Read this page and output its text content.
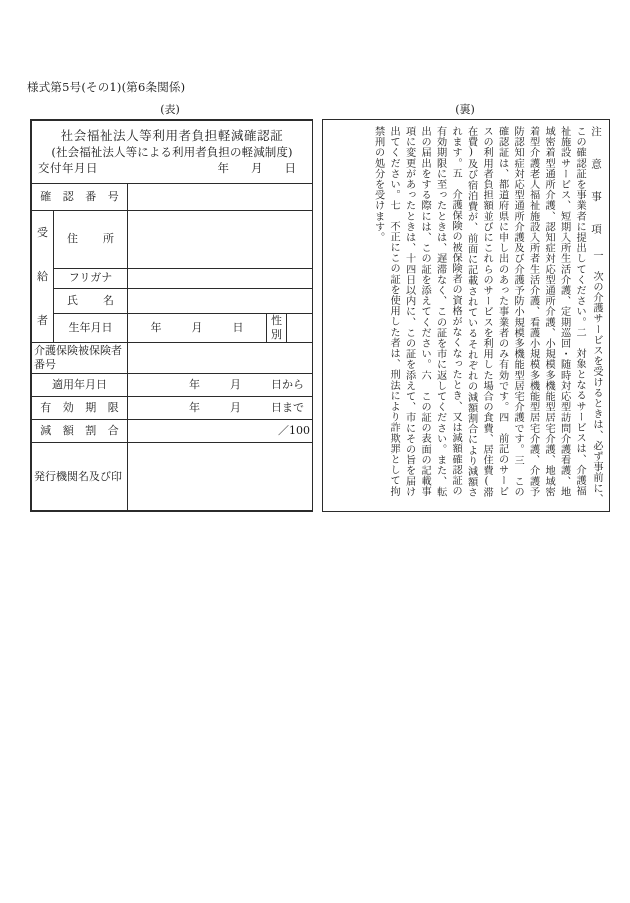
様式第5号(その1)(第6条関係)
(表)	(裏)
社会福祉法人等利用者負担軽減確認証
(社会福祉法人等による利用者負担の軽減制度)
交付年月日	年 月 日

確 認 番 号				

受
給
者	住　所			
	フリガナ			
	氏　名			
	生年月日	年 月 日	性別	
介護保険被保険者番号				
適用年月日		年 月 日から		

有 効 期 限		年 月 日まで		

減 額 割 合		／100		
発行機関名及び印				
注 意 事 項 一　次の介護サービスを受けるときは、必ず事前に、この確認証を事業者に提出してください。二　対象となるサービスは、介護福祉施設サービス、短期入所生活介護、定期巡回・随時対応型訪問介護看護、地域密着型通所介護、認知症対応型通所介護、小規模多機能型居宅介護、地域密着型介護老人福祉施設入所者生活介護、看護小規模多機能型居宅介護、介護予防認知症対応型通所介護及び介護予防小規模多機能型居宅介護です。三　この確認証は、都道府県に申し出のあった事業者のみ有効です。四　前記のサービスの利用者負担額並びにこれらのサービスを利用した場合の食費、居住費(滞在費)及び宿泊費が、前面に記載されているそれぞれの減額割合により減額されます。五　介護保険の被保険者の資格がなくなったとき、又は減額確認証の有効期限に至ったときは、遅滞なく、この証を市に返してください。また、転出の届出をする際には、この証を添えてください。六　この証の表面の記載事項に変更があったときは、十四日以内に、この証を添えて、市にその旨を届け出てください。七　不正にこの証を使用した者は、刑法により詐欺罪として拘禁刑の処分を受けます。
